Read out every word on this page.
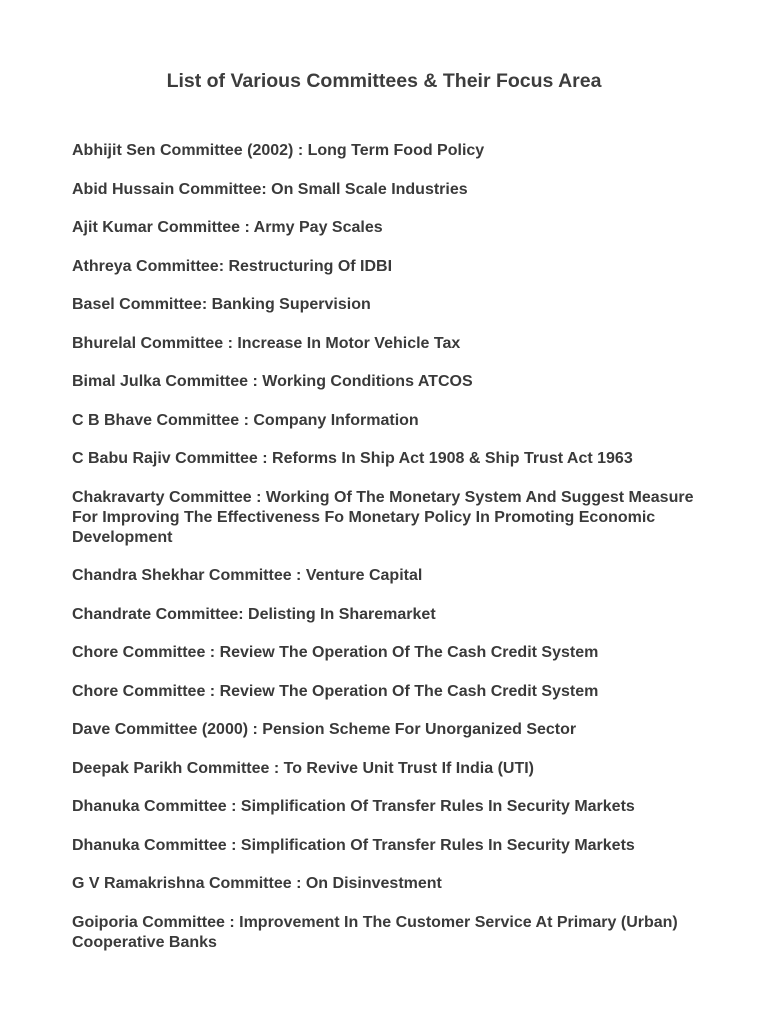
List of Various Committees & Their Focus Area
Abhijit Sen Committee (2002) : Long Term Food Policy
Abid Hussain Committee: On Small Scale Industries
Ajit Kumar Committee : Army Pay Scales
Athreya Committee: Restructuring Of IDBI
Basel Committee: Banking Supervision
Bhurelal Committee : Increase In Motor Vehicle Tax
Bimal Julka Committee : Working Conditions ATCOS
C B Bhave Committee : Company Information
C Babu Rajiv Committee : Reforms In Ship Act 1908 & Ship Trust Act 1963
Chakravarty Committee : Working Of The Monetary System And Suggest Measure For Improving The Effectiveness Fo Monetary Policy In Promoting Economic Development
Chandra Shekhar Committee : Venture Capital
Chandrate Committee: Delisting In Sharemarket
Chore Committee : Review The Operation Of The Cash Credit System
Chore Committee : Review The Operation Of The Cash Credit System
Dave Committee (2000) : Pension Scheme For Unorganized Sector
Deepak Parikh Committee : To Revive Unit Trust If India (UTI)
Dhanuka Committee : Simplification Of Transfer Rules In Security Markets
Dhanuka Committee : Simplification Of Transfer Rules In Security Markets
G V Ramakrishna Committee : On Disinvestment
Goiporia Committee : Improvement In The Customer Service At Primary (Urban) Cooperative Banks
